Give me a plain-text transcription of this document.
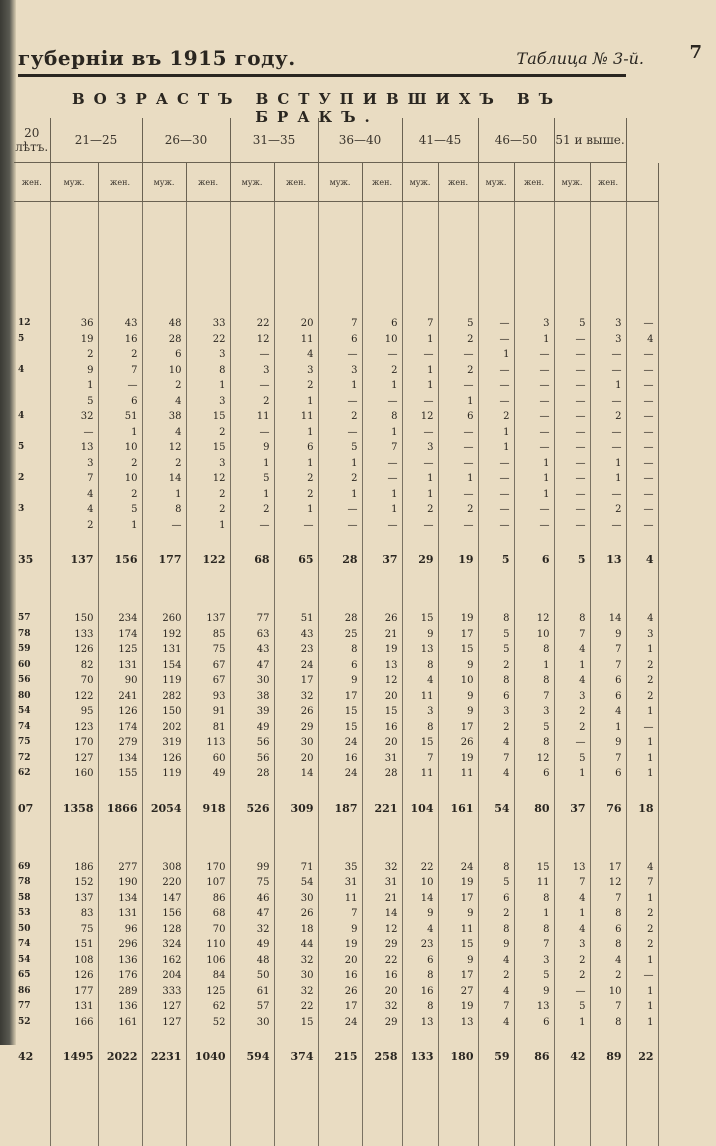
губерніи въ 1915 году.	Таблица № 3-й.	7
ВОЗРАСТЪ ВСТУПИВШИХЪ ВЪ БРАКЪ.
20 лѣтъ.	21—25		26—30		31—35		36—40		41—45		46—50		51 и выше.		
жен.	муж.	жен.	муж.	жен.	муж.	жен.	муж.	жен.	муж.	жен.	муж.	жен.	муж.	жен.	

12	36	43	48	33	22	20	7	6	7	5	—	3	5	3	—
5	19	16	28	22	12	11	6	10	1	2	—	1	—	3	4
	2	2	6	3	—	4	—	—	—	—	1	—	—	—	—
4	9	7	10	8	3	3	3	2	1	2	—	—	—	—	—
	1	—	2	1	—	2	1	1	1	—	—	—	—	1	—
	5	6	4	3	2	1	—	—	—	1	—	—	—	—	—
4	32	51	38	15	11	11	2	8	12	6	2	—	—	2	—
	—	1	4	2	—	1	—	1	—	—	1	—	—	—	—
5	13	10	12	15	9	6	5	7	3	—	1	—	—	—	—
	3	2	2	3	1	1	1	—	—	—	—	1	—	1	—
2	7	10	14	12	5	2	2	—	1	1	—	1	—	1	—
	4	2	1	2	1	2	1	1	1	—	—	1	—	—	—
3	4	5	8	2	2	1	—	1	2	2	—	—	—	2	—
	2	1	—	1	—	—	—	—	—	—	—	—	—	—	—

35	137	156	177	122	68	65	28	37	29	19	5	6	5	13	4

57	150	234	260	137	77	51	28	26	15	19	8	12	8	14	4
78	133	174	192	85	63	43	25	21	9	17	5	10	7	9	3
59	126	125	131	75	43	23	8	19	13	15	5	8	4	7	1
60	82	131	154	67	47	24	6	13	8	9	2	1	1	7	2
56	70	90	119	67	30	17	9	12	4	10	8	8	4	6	2
80	122	241	282	93	38	32	17	20	11	9	6	7	3	6	2
54	95	126	150	91	39	26	15	15	3	9	3	3	2	4	1
74	123	174	202	81	49	29	15	16	8	17	2	5	2	1	—
75	170	279	319	113	56	30	24	20	15	26	4	8	—	9	1
72	127	134	126	60	56	20	16	31	7	19	7	12	5	7	1
62	160	155	119	49	28	14	24	28	11	11	4	6	1	6	1

07	1358	1866	2054	918	526	309	187	221	104	161	54	80	37	76	18

69	186	277	308	170	99	71	35	32	22	24	8	15	13	17	4
78	152	190	220	107	75	54	31	31	10	19	5	11	7	12	7
58	137	134	147	86	46	30	11	21	14	17	6	8	4	7	1
53	83	131	156	68	47	26	7	14	9	9	2	1	1	8	2
50	75	96	128	70	32	18	9	12	4	11	8	8	4	6	2
74	151	296	324	110	49	44	19	29	23	15	9	7	3	8	2
54	108	136	162	106	48	32	20	22	6	9	4	3	2	4	1
65	126	176	204	84	50	30	16	16	8	17	2	5	2	2	—
86	177	289	333	125	61	32	26	20	16	27	4	9	—	10	1
77	131	136	127	62	57	22	17	32	8	19	7	13	5	7	1
52	166	161	127	52	30	15	24	29	13	13	4	6	1	8	1

42	1495	2022	2231	1040	594	374	215	258	133	180	59	86	42	89	22
